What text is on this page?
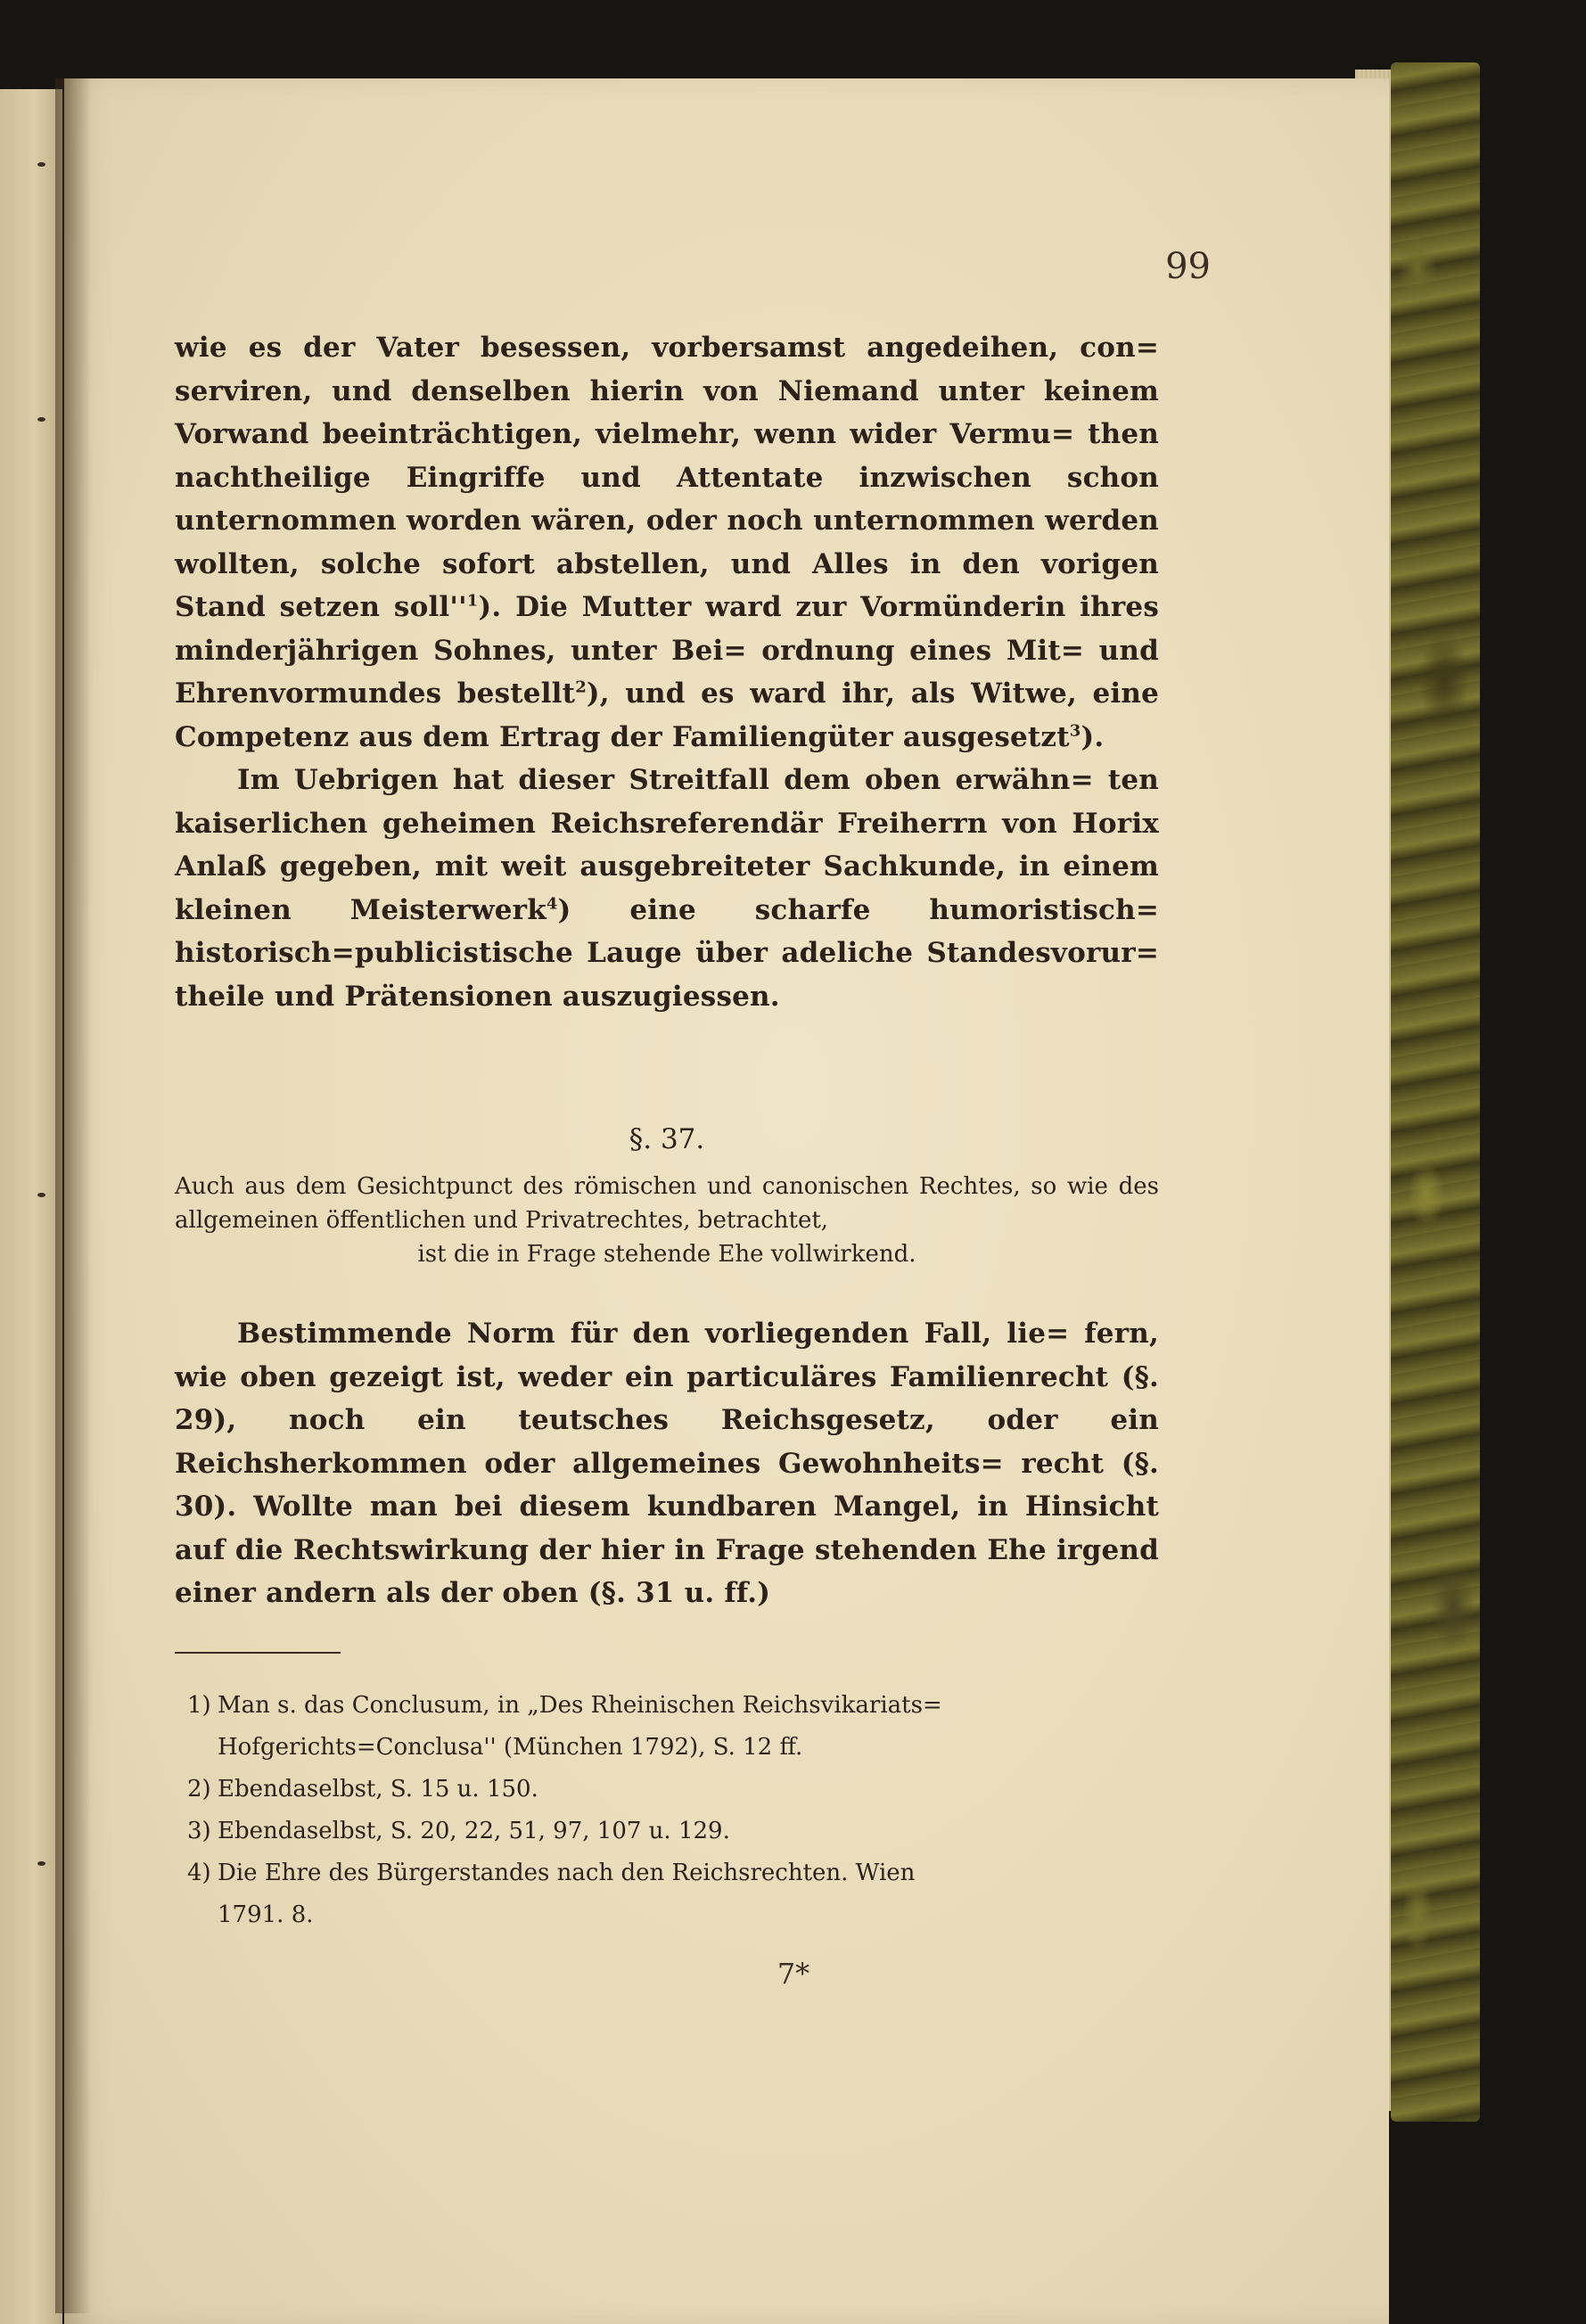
99

wie es der Vater besessen, vorbersamst angedeihen, con= serviren, und denselben hierin von Niemand unter keinem Vorwand beeinträchtigen, vielmehr, wenn wider Vermu= then nachtheilige Eingriffe und Attentate inzwischen schon unternommen worden wären, oder noch unternommen werden wollten, solche sofort abstellen, und Alles in den vorigen Stand setzen $soll''^1$). Die Mutter ward zur Vormünderin ihres minderjährigen Sohnes, unter Bei= ordnung eines Mit= und Ehrenvormundes bestellt$^2$), und es ward ihr, als Witwe, eine Competenz aus dem Ertrag der Familiengüter ausgesetzt$^3$).

Im Uebrigen hat dieser Streitfall dem oben erwähn= ten kaiserlichen geheimen Reichsreferendär Freiherrn von Horix Anlaß gegeben, mit weit ausgebreiteter Sachkunde, in einem kleinen Meisterwerk$^4$) eine scharfe humoristisch= historisch=publicistische Lauge über adeliche Standesvorur= theile und Prätensionen auszugiessen.

§. 37.
Auch aus dem Gesichtpunct des römischen und canonischen Rechtes, so wie des allgemeinen öffentlichen und Privatrechtes, betrachtet,
ist die in Frage stehende Ehe vollwirkend.

Bestimmende Norm für den vorliegenden Fall, lie= fern, wie oben gezeigt ist, weder ein particuläres Familienrecht (§. 29), noch ein teutsches Reichsgesetz, oder ein Reichsherkommen oder allgemeines Gewohnheits= recht (§. 30). Wollte man bei diesem kundbaren Mangel, in Hinsicht auf die Rechtswirkung der hier in Frage stehenden Ehe irgend einer andern als der oben (§. 31 u. ff.)

1) Man s. das Conclusum, in „Des Rheinischen Reichsvikariats=

Hofgerichts=Conclusa'' (München 1792), S. 12 ff.

2) Ebendaselbst, S. 15 u. 150.

3) Ebendaselbst, S. 20, 22, 51, 97, 107 u. 129.

4) Die Ehre des Bürgerstandes nach den Reichsrechten. Wien

1791. 8.

7*
